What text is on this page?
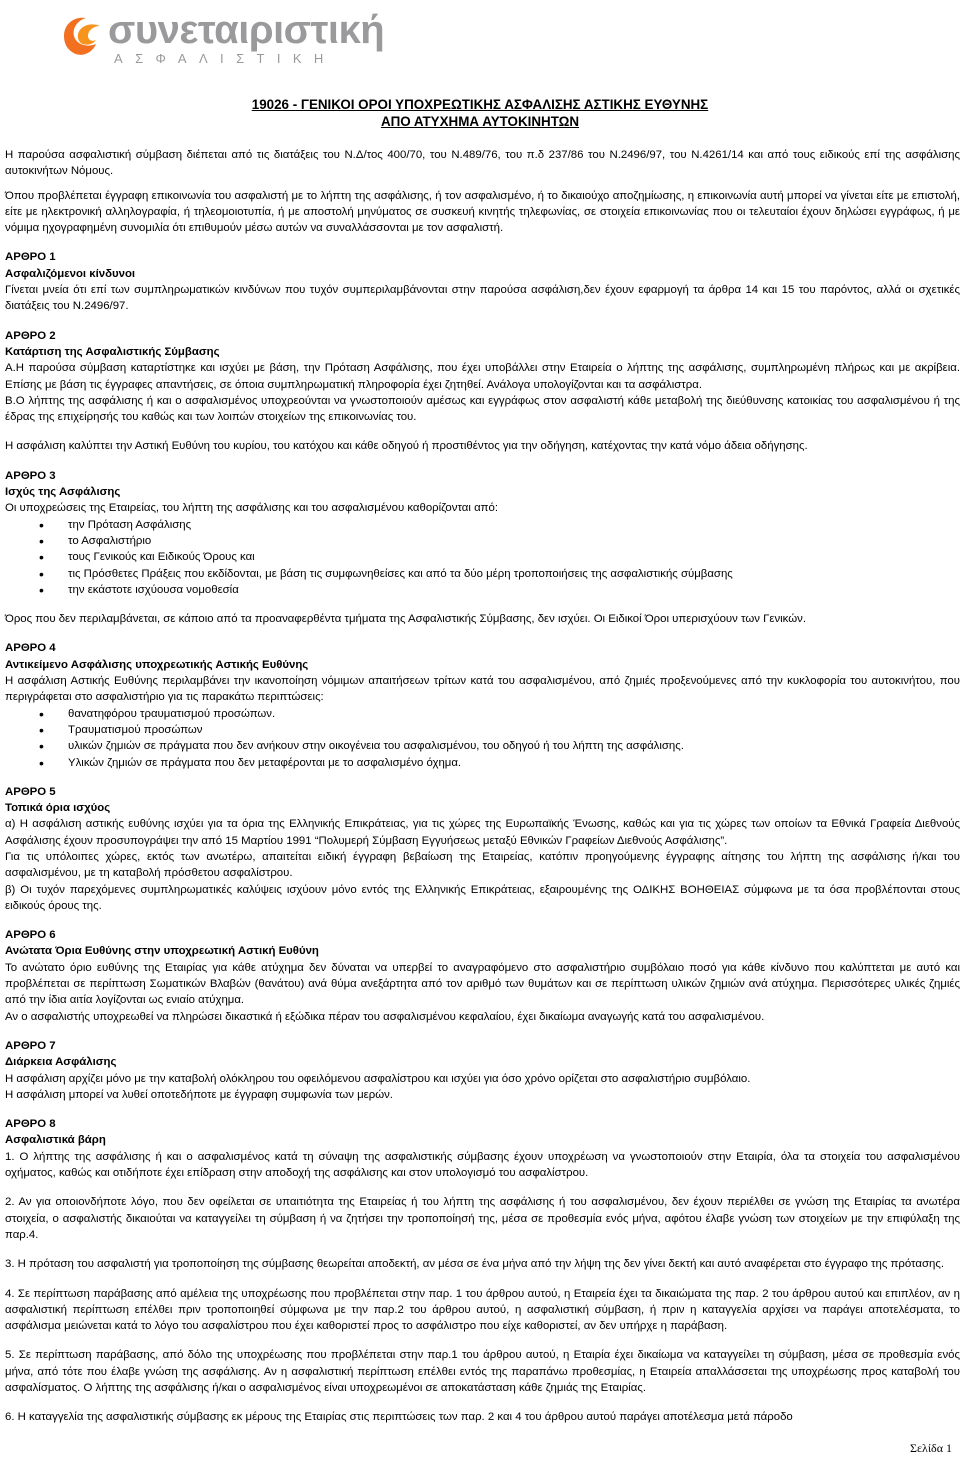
συνεταιριστική
ΑΣΦΑΛΙΣΤΙΚΗ
19026 - ΓΕΝΙΚΟΙ ΟΡΟΙ ΥΠΟΧΡΕΩΤΙΚΗΣ ΑΣΦΑΛΙΣΗΣ ΑΣΤΙΚΗΣ ΕΥΘΥΝΗΣ
ΑΠΟ ΑΤΥΧΗΜΑ ΑΥΤΟΚΙΝΗΤΩΝ

Η παρούσα ασφαλιστική σύμβαση διέπεται από τις διατάξεις του Ν.Δ/τος 400/70, του Ν.489/76, του π.δ 237/86 του Ν.2496/97, του Ν.4261/14 και από τους ειδικούς επί της ασφάλισης αυτοκινήτων Νόμους.

Όπου προβλέπεται έγγραφη επικοινωνία του ασφαλιστή με το λήπτη της ασφάλισης, ή τον ασφαλισμένο, ή το δικαιούχο αποζημίωσης, η επικοινωνία αυτή μπορεί να γίνεται είτε με επιστολή, είτε με ηλεκτρονική αλληλογραφία, ή τηλεομοιοτυπία, ή με αποστολή μηνύματος σε συσκευή κινητής τηλεφωνίας, σε στοιχεία επικοινωνίας που οι τελευταίοι έχουν δηλώσει εγγράφως, ή με νόμιμα ηχογραφημένη συνομιλία ότι επιθυμούν μέσω αυτών να συναλλάσσονται με τον ασφαλιστή.

ΑΡΘΡΟ 1

Ασφαλιζόμενοι κίνδυνοι

Γίνεται μνεία ότι επί των συμπληρωματικών κινδύνων που τυχόν συμπεριλαμβάνονται στην παρούσα ασφάλιση,δεν έχουν εφαρμογή τα άρθρα 14 και 15 του παρόντος, αλλά οι σχετικές διατάξεις του Ν.2496/97.

ΑΡΘΡΟ 2

Κατάρτιση της Ασφαλιστικής Σύμβασης

Α.Η παρούσα σύμβαση καταρτίστηκε και ισχύει με βάση, την Πρόταση Ασφάλισης, που έχει υποβάλλει στην Εταιρεία ο λήπτης της ασφάλισης, συμπληρωμένη πλήρως και με ακρίβεια. Επίσης με βάση τις έγγραφες απαντήσεις, σε όποια συμπληρωματική πληροφορία έχει ζητηθεί. Ανάλογα υπολογίζονται και τα ασφάλιστρα.

Β.Ο λήπτης της ασφάλισης ή και ο ασφαλισμένος υποχρεούνται να γνωστοποιούν αμέσως και εγγράφως στον ασφαλιστή κάθε μεταβολή της διεύθυνσης κατοικίας του ασφαλισμένου ή της έδρας της επιχείρησής του καθώς και των λοιπών στοιχείων της επικοινωνίας του.

Η ασφάλιση καλύπτει την Αστική Ευθύνη του κυρίου, του κατόχου και κάθε οδηγού ή προστιθέντος για την οδήγηση, κατέχοντας την κατά νόμο άδεια οδήγησης.

ΑΡΘΡΟ 3

Ισχύς της Ασφάλισης

Οι υποχρεώσεις της Εταιρείας, του λήπτη της ασφάλισης και του ασφαλισμένου καθορίζονται από:

• την Πρόταση Ασφάλισης
• το Ασφαλιστήριο
• τους Γενικούς και Ειδικούς Όρους και
• τις Πρόσθετες Πράξεις που εκδίδονται, με βάση τις συμφωνηθείσες και από τα δύο μέρη τροποποιήσεις της ασφαλιστικής σύμβασης
• την εκάστοτε ισχύουσα νομοθεσία

Όρος που δεν περιλαμβάνεται, σε κάποιο από τα προαναφερθέντα τμήματα της Ασφαλιστικής Σύμβασης, δεν ισχύει. Οι Ειδικοί Όροι υπερισχύουν των Γενικών.

ΑΡΘΡΟ 4

Αντικείμενο Ασφάλισης υποχρεωτικής Αστικής Ευθύνης

Η ασφάλιση Αστικής Ευθύνης περιλαμβάνει την ικανοποίηση νόμιμων απαιτήσεων τρίτων κατά του ασφαλισμένου, από ζημιές προξενούμενες από την κυκλοφορία του αυτοκινήτου, που περιγράφεται στο ασφαλιστήριο για τις παρακάτω περιπτώσεις:

• θανατηφόρου τραυματισμού προσώπων.
• Τραυματισμού προσώπων
• υλικών ζημιών σε πράγματα που δεν ανήκουν στην οικογένεια του ασφαλισμένου, του οδηγού ή του λήπτη της ασφάλισης.
• Υλικών ζημιών σε πράγματα που δεν μεταφέρονται με το ασφαλισμένο όχημα.

ΑΡΘΡΟ 5

Τοπικά όρια ισχύος

α) Η ασφάλιση αστικής ευθύνης ισχύει για τα όρια της Ελληνικής Επικράτειας, για τις χώρες της Ευρωπαϊκής Ένωσης, καθώς και για τις χώρες των οποίων τα Εθνικά Γραφεία Διεθνούς Ασφάλισης έχουν προσυπογράψει την από 15 Μαρτίου 1991 “Πολυμερή Σύμβαση Εγγυήσεως μεταξύ Εθνικών Γραφείων Διεθνούς Ασφάλισης”.

Για τις υπόλοιπες χώρες, εκτός των ανωτέρω, απαιτείται ειδική έγγραφη βεβαίωση της Εταιρείας, κατόπιν προηγούμενης έγγραφης αίτησης του λήπτη της ασφάλισης ή/και του ασφαλισμένου, με τη καταβολή πρόσθετου ασφαλίστρου.

β) Οι τυχόν παρεχόμενες συμπληρωματικές καλύψεις ισχύουν μόνο εντός της Ελληνικής Επικράτειας, εξαιρουμένης της ΟΔΙΚΗΣ ΒΟΗΘΕΙΑΣ σύμφωνα με τα όσα προβλέπονται στους ειδικούς όρους της.

ΑΡΘΡΟ 6

Ανώτατα Όρια Ευθύνης στην υποχρεωτική Αστική Ευθύνη

Το ανώτατο όριο ευθύνης της Εταιρίας για κάθε ατύχημα δεν δύναται να υπερβεί το αναγραφόμενο στο ασφαλιστήριο συμβόλαιο ποσό για κάθε κίνδυνο που καλύπτεται με αυτό και προβλέπεται σε περίπτωση Σωματικών Βλαβών (θανάτου) ανά θύμα ανεξάρτητα από τον αριθμό των θυμάτων και σε περίπτωση υλικών ζημιών ανά ατύχημα. Περισσότερες υλικές ζημιές από την ίδια αιτία λογίζονται ως ενιαίο ατύχημα.

Αν ο ασφαλιστής υποχρεωθεί να πληρώσει δικαστικά ή εξώδικα πέραν του ασφαλισμένου κεφαλαίου, έχει δικαίωμα αναγωγής κατά του ασφαλισμένου.

ΑΡΘΡΟ 7

Διάρκεια Ασφάλισης

Η ασφάλιση αρχίζει μόνο με την καταβολή ολόκληρου του οφειλόμενου ασφαλίστρου και ισχύει για όσο χρόνο ορίζεται στο ασφαλιστήριο συμβόλαιο.

Η ασφάλιση μπορεί να λυθεί οποτεδήποτε με έγγραφη συμφωνία των μερών.

ΑΡΘΡΟ 8

Ασφαλιστικά βάρη

1. Ο λήπτης της ασφάλισης ή και ο ασφαλισμένος κατά τη σύναψη της ασφαλιστικής σύμβασης έχουν υποχρέωση να γνωστοποιούν στην Εταιρία, όλα τα στοιχεία του ασφαλισμένου οχήματος, καθώς και οτιδήποτε έχει επίδραση στην αποδοχή της ασφάλισης και στον υπολογισμό του ασφαλίστρου.

2. Αν για οποιονδήποτε λόγο, που δεν οφείλεται σε υπαιτιότητα της Εταιρείας ή του λήπτη της ασφάλισης ή του ασφαλισμένου, δεν έχουν περιέλθει σε γνώση της Εταιρίας τα ανωτέρα στοιχεία, ο ασφαλιστής δικαιούται να καταγγείλει τη σύμβαση ή να ζητήσει την τροποποίησή της, μέσα σε προθεσμία ενός μήνα, αφότου έλαβε γνώση των στοιχείων με την επιφύλαξη της παρ.4.

3. Η πρόταση του ασφαλιστή για τροποποίηση της σύμβασης θεωρείται αποδεκτή, αν μέσα σε ένα μήνα από την λήψη της δεν γίνει δεκτή και αυτό αναφέρεται στο έγγραφο της πρότασης.

4. Σε περίπτωση παράβασης από αμέλεια της υποχρέωσης που προβλέπεται στην παρ. 1 του άρθρου αυτού, η Εταιρεία έχει τα δικαιώματα της παρ. 2 του άρθρου αυτού και επιπλέον, αν η ασφαλιστική περίπτωση επέλθει πριν τροποποιηθεί σύμφωνα με την παρ.2 του άρθρου αυτού, η ασφαλιστική σύμβαση, ή πριν η καταγγελία αρχίσει να παράγει αποτελέσματα, το ασφάλισμα μειώνεται κατά το λόγο του ασφαλίστρου που έχει καθοριστεί προς το ασφάλιστρο που είχε καθοριστεί, αν δεν υπήρχε η παράβαση.

5. Σε περίπτωση παράβασης, από δόλο της υποχρέωσης που προβλέπεται στην παρ.1 του άρθρου αυτού, η Εταιρία έχει δικαίωμα να καταγγείλει τη σύμβαση, μέσα σε προθεσμία ενός μήνα, από τότε που έλαβε γνώση της ασφάλισης. Αν η ασφαλιστική περίπτωση επέλθει εντός της παραπάνω προθεσμίας, η Εταιρεία απαλλάσσεται της υποχρέωσης προς καταβολή του ασφαλίσματος. Ο λήπτης της ασφάλισης ή/και ο ασφαλισμένος είναι υποχρεωμένοι σε αποκατάσταση κάθε ζημιάς της Εταιρίας.

6. Η καταγγελία της ασφαλιστικής σύμβασης εκ μέρους της Εταιρίας στις περιπτώσεις των παρ. 2 και 4 του άρθρου αυτού παράγει αποτέλεσμα μετά πάροδο

Σελίδα 1
